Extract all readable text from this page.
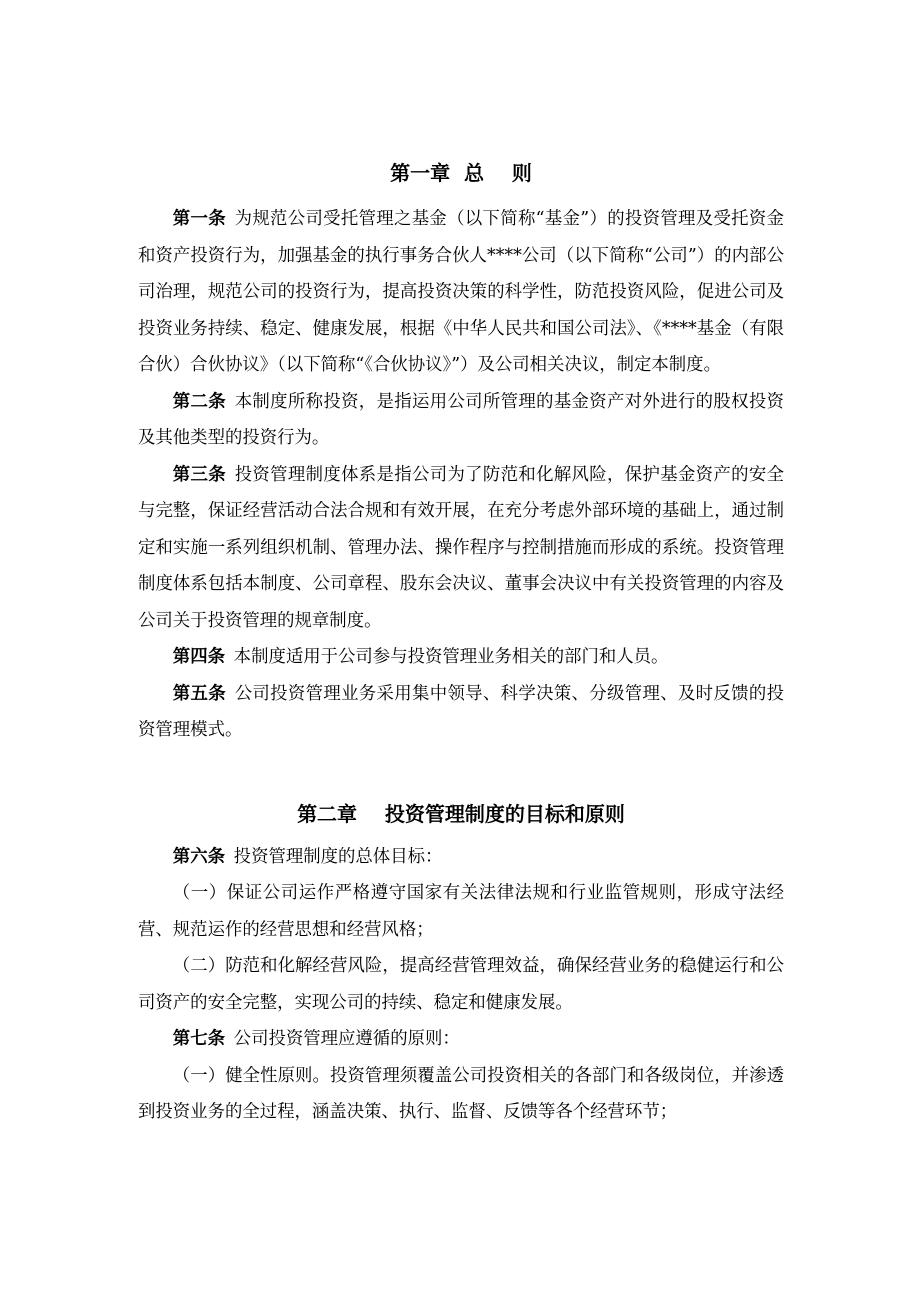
第一章  总    则

第一条 为规范公司受托管理之基金（以下简称“基金”）的投资管理及受托资金和资产投资行为，加强基金的执行事务合伙人****公司（以下简称“公司”）的内部公司治理，规范公司的投资行为，提高投资决策的科学性，防范投资风险，促进公司及投资业务持续、稳定、健康发展，根据《中华人民共和国公司法》、《****基金（有限合伙）合伙协议》（以下简称“《合伙协议》”）及公司相关决议，制定本制度。

第二条 本制度所称投资，是指运用公司所管理的基金资产对外进行的股权投资及其他类型的投资行为。

第三条 投资管理制度体系是指公司为了防范和化解风险，保护基金资产的安全与完整，保证经营活动合法合规和有效开展，在充分考虑外部环境的基础上，通过制定和实施一系列组织机制、管理办法、操作程序与控制措施而形成的系统。投资管理制度体系包括本制度、公司章程、股东会决议、董事会决议中有关投资管理的内容及公司关于投资管理的规章制度。

第四条 本制度适用于公司参与投资管理业务相关的部门和人员。

第五条 公司投资管理业务采用集中领导、科学决策、分级管理、及时反馈的投资管理模式。

第二章    投资管理制度的目标和原则

第六条 投资管理制度的总体目标：

（一）保证公司运作严格遵守国家有关法律法规和行业监管规则，形成守法经营、规范运作的经营思想和经营风格；

（二）防范和化解经营风险，提高经营管理效益，确保经营业务的稳健运行和公司资产的安全完整，实现公司的持续、稳定和健康发展。

第七条 公司投资管理应遵循的原则：

（一）健全性原则。投资管理须覆盖公司投资相关的各部门和各级岗位，并渗透到投资业务的全过程，涵盖决策、执行、监督、反馈等各个经营环节；
